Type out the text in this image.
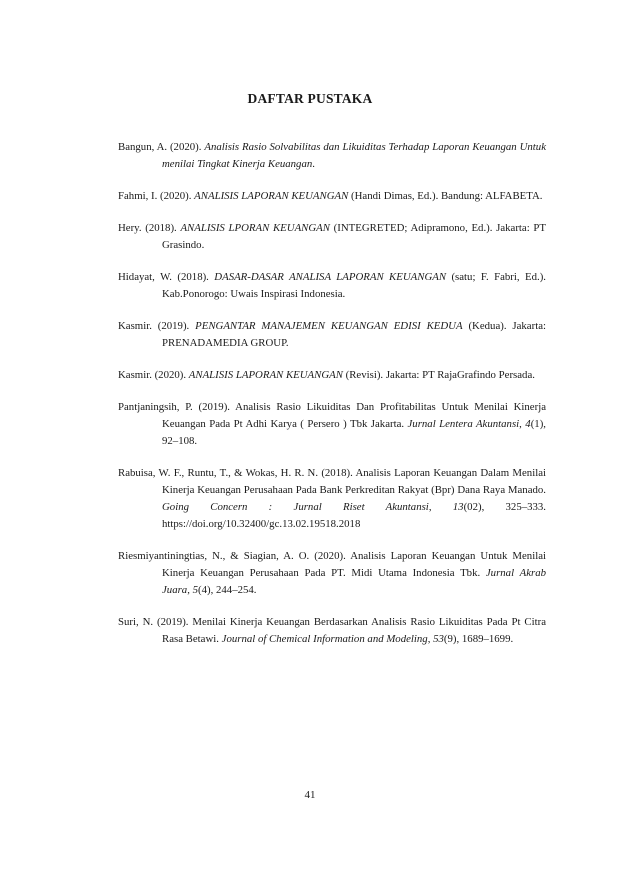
DAFTAR PUSTAKA

Bangun, A. (2020). Analisis Rasio Solvabilitas dan Likuiditas Terhadap Laporan Keuangan Untuk menilai Tingkat Kinerja Keuangan.

Fahmi, I. (2020). ANALISIS LAPORAN KEUANGAN (Handi Dimas, Ed.). Bandung: ALFABETA.

Hery. (2018). ANALISIS LPORAN KEUANGAN (INTEGRETED; Adipramono, Ed.). Jakarta: PT Grasindo.

Hidayat, W. (2018). DASAR-DASAR ANALISA LAPORAN KEUANGAN (satu; F. Fabri, Ed.). Kab.Ponorogo: Uwais Inspirasi Indonesia.

Kasmir. (2019). PENGANTAR MANAJEMEN KEUANGAN EDISI KEDUA (Kedua). Jakarta: PRENADAMEDIA GROUP.

Kasmir. (2020). ANALISIS LAPORAN KEUANGAN (Revisi). Jakarta: PT RajaGrafindo Persada.

Pantjaningsih, P. (2019). Analisis Rasio Likuiditas Dan Profitabilitas Untuk Menilai Kinerja Keuangan Pada Pt Adhi Karya ( Persero ) Tbk Jakarta. Jurnal Lentera Akuntansi, 4(1), 92–108.

Rabuisa, W. F., Runtu, T., & Wokas, H. R. N. (2018). Analisis Laporan Keuangan Dalam Menilai Kinerja Keuangan Perusahaan Pada Bank Perkreditan Rakyat (Bpr) Dana Raya Manado. Going Concern : Jurnal Riset Akuntansi, 13(02), 325–333. https://doi.org/10.32400/gc.13.02.19518.2018

Riesmiyantiningtias, N., & Siagian, A. O. (2020). Analisis Laporan Keuangan Untuk Menilai Kinerja Keuangan Perusahaan Pada PT. Midi Utama Indonesia Tbk. Jurnal Akrab Juara, 5(4), 244–254.

Suri, N. (2019). Menilai Kinerja Keuangan Berdasarkan Analisis Rasio Likuiditas Pada Pt Citra Rasa Betawi. Journal of Chemical Information and Modeling, 53(9), 1689–1699.

41
